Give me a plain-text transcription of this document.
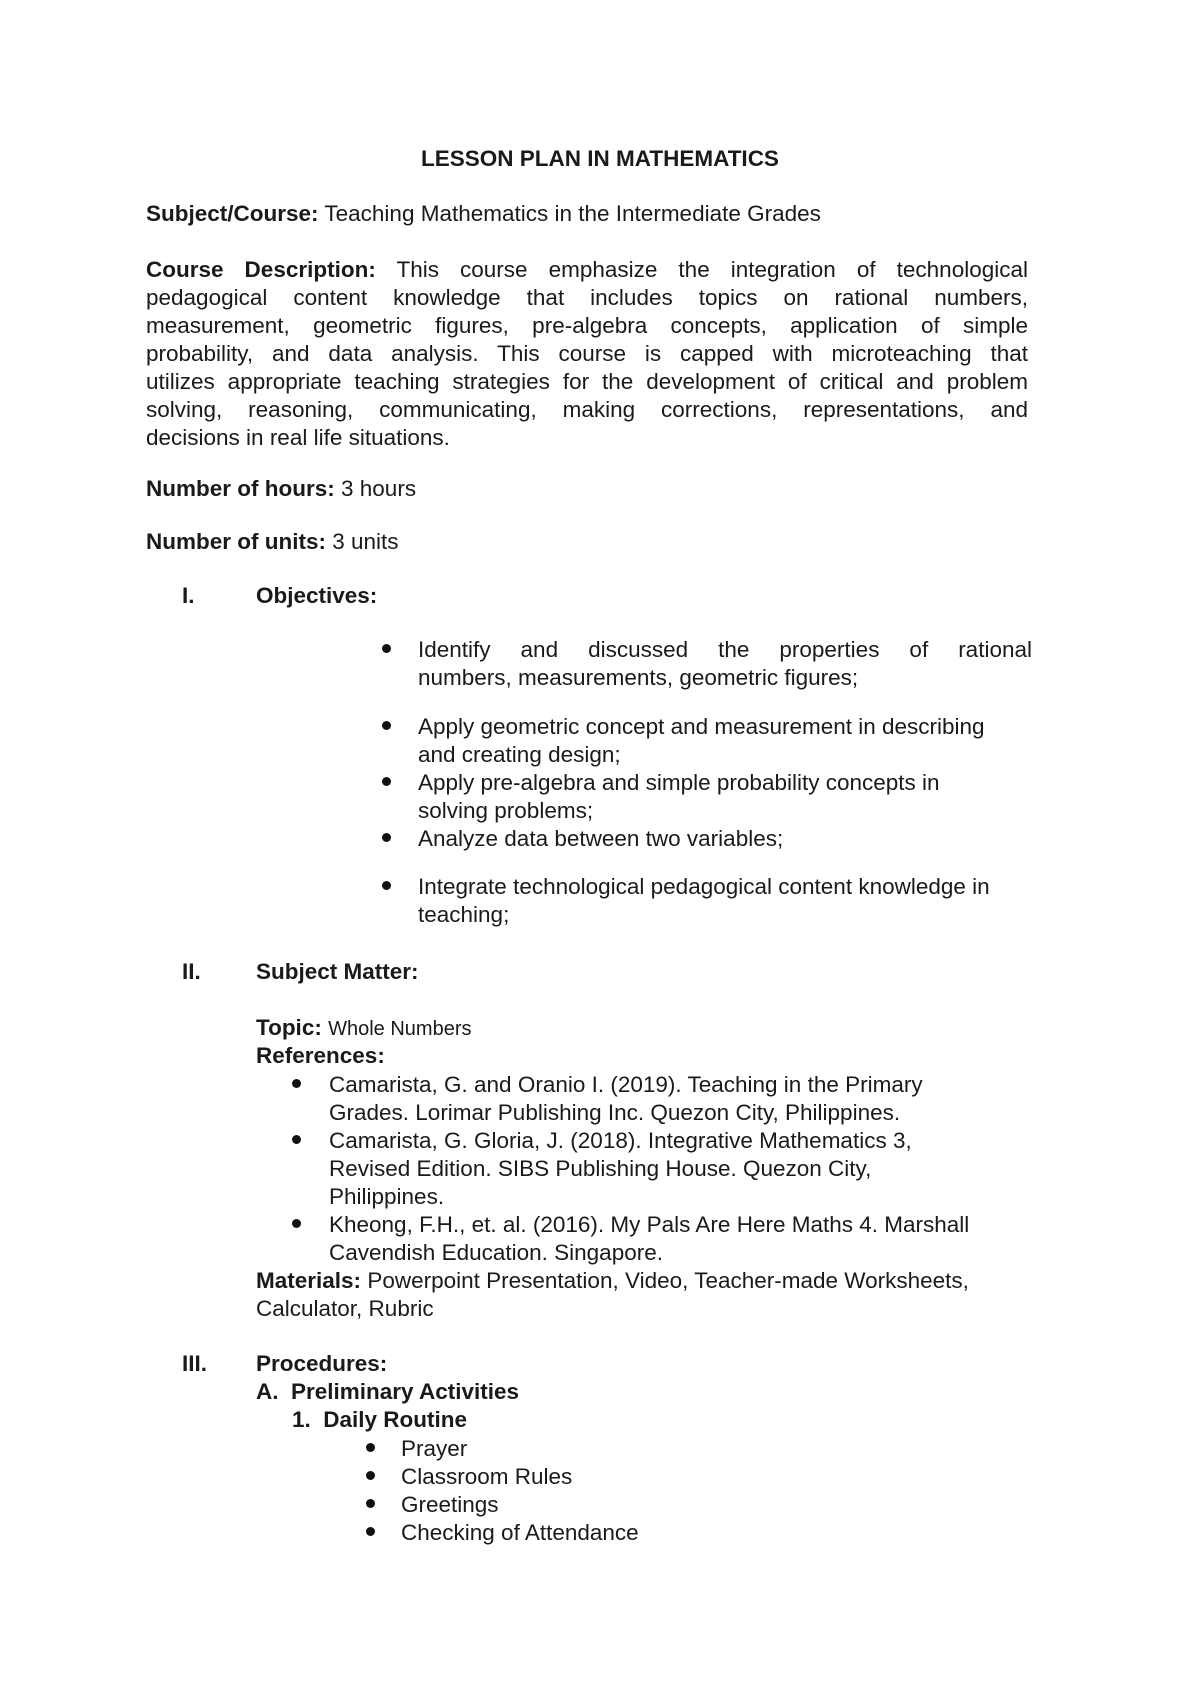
LESSON PLAN IN MATHEMATICS
Subject/Course: Teaching Mathematics in the Intermediate Grades
Course Description: This course emphasize the integration of technological
pedagogical content knowledge that includes topics on rational numbers,
measurement, geometric figures, pre-algebra concepts, application of simple
probability, and data analysis. This course is capped with microteaching that
utilizes appropriate teaching strategies for the development of critical and problem
solving, reasoning, communicating, making corrections, representations, and
decisions in real life situations.
Number of hours: 3 hours
Number of units: 3 units
I.	Objectives:
Identify and discussed the properties of rational
numbers, measurements, geometric figures;
Apply geometric concept and measurement in describing
and creating design;
Apply pre-algebra and simple probability concepts in
solving problems;
Analyze data between two variables;
Integrate technological pedagogical content knowledge in
teaching;
II. Subject Matter:
Topic: Whole Numbers
References:
Camarista, G. and Oranio I. (2019). Teaching in the Primary
Grades. Lorimar Publishing Inc. Quezon City, Philippines.
Camarista, G. Gloria, J. (2018). Integrative Mathematics 3,
Revised Edition. SIBS Publishing House. Quezon City,
Philippines.
Kheong, F.H., et. al. (2016). My Pals Are Here Maths 4. Marshall
Cavendish Education. Singapore.
Materials: Powerpoint Presentation, Video, Teacher-made Worksheets,
Calculator, Rubric
III. Procedures:
A.  Preliminary Activities
1.  Daily Routine
Prayer
Classroom Rules
Greetings
Checking of Attendance
